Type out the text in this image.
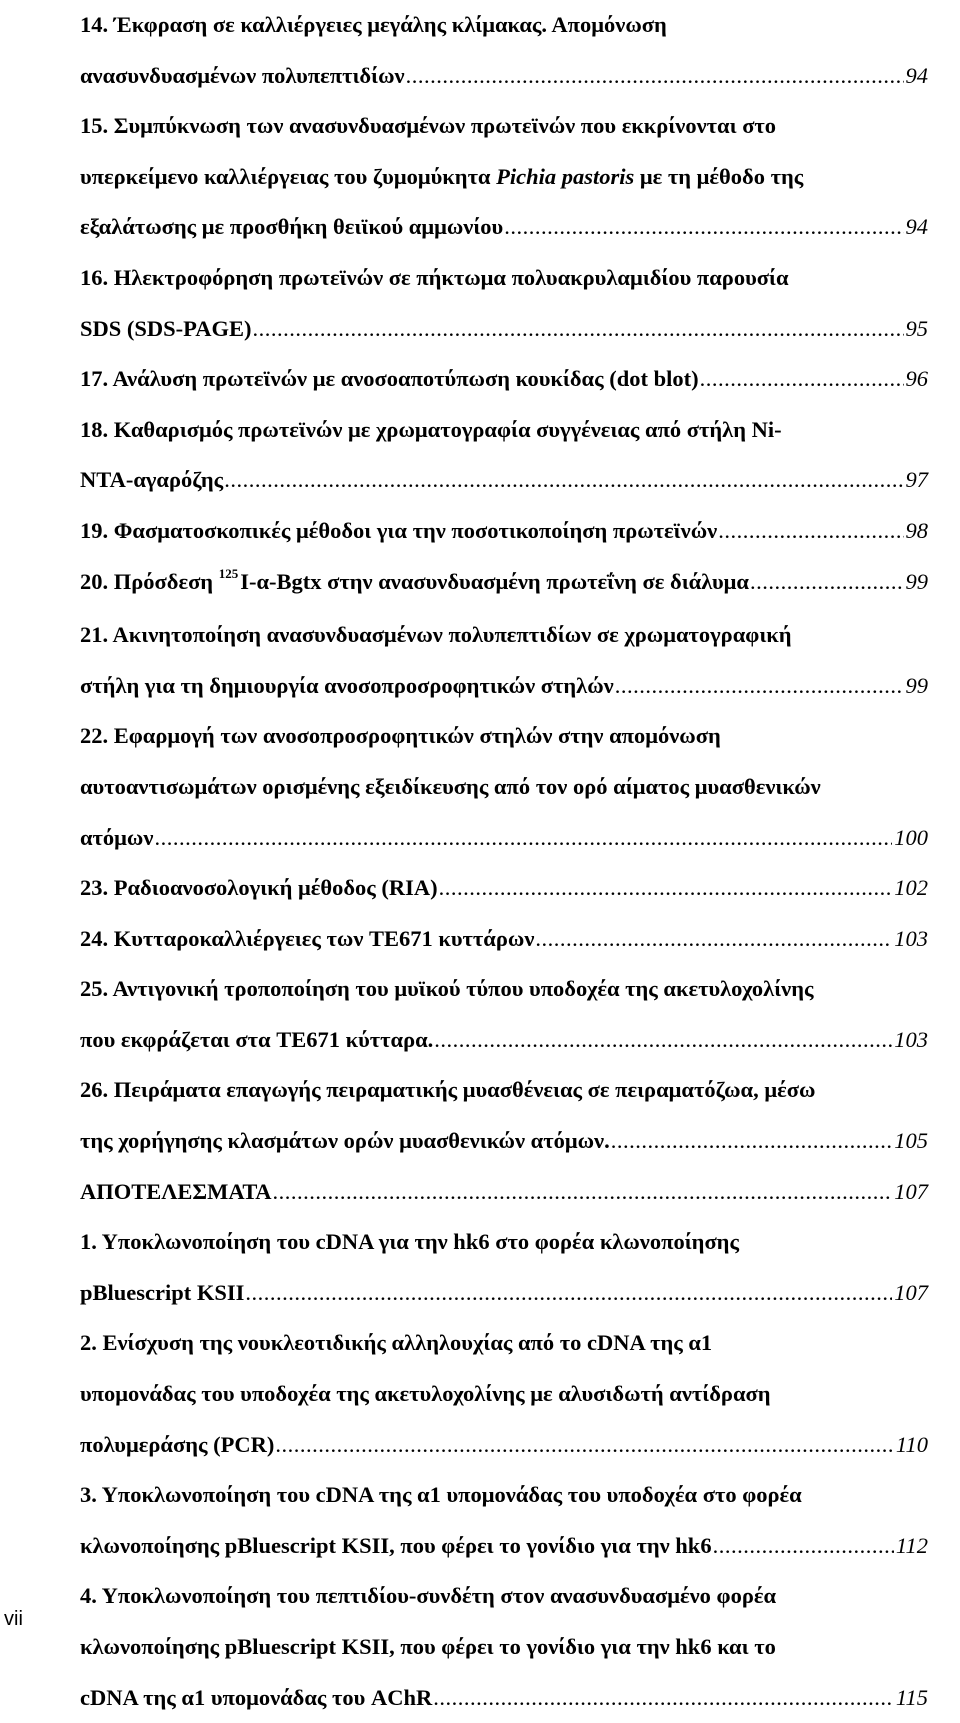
14. Έκφραση σε καλλιέργειες μεγάλης κλίμακας. Απομόνωση
ανασυνδυασμένων πολυπεπτιδίων .....	94
15. Συμπύκνωση των ανασυνδυασμένων πρωτεϊνών που εκκρίνονται στο
υπερκείμενο καλλιέργειας του ζυμομύκητα Pichia pastoris με τη μέθοδο της
εξαλάτωσης με προσθήκη θειϊκού αμμωνίου .....	94
16. Ηλεκτροφόρηση πρωτεϊνών σε πήκτωμα πολυακρυλαμιδίου παρουσία
SDS (SDS-PAGE) .....	95
17. Ανάλυση πρωτεϊνών με ανοσοαποτύπωση κουκίδας (dot blot) .....	96
18. Καθαρισμός πρωτεϊνών με χρωματογραφία συγγένειας από στήλη Ni-
NTA-αγαρόζης .....	97
19. Φασματοσκοπικές μέθοδοι για την ποσοτικοποίηση πρωτεϊνών .....	98
20. Πρόσδεση $^{125}$I-α-Bgtx στην ανασυνδυασμένη πρωτεΐνη σε διάλυμα .....	99
21. Ακινητοποίηση ανασυνδυασμένων πολυπεπτιδίων σε χρωματογραφική
στήλη για τη δημιουργία ανοσοπροσροφητικών στηλών .....	99
22. Εφαρμογή των ανοσοπροσροφητικών στηλών στην απομόνωση
αυτοαντισωμάτων ορισμένης εξειδίκευσης από τον ορό αίματος μυασθενικών
ατόμων .....	100
23. Ραδιοανοσολογική μέθοδος (RIA) .....	102
24. Κυτταροκαλλιέργειες των TE671 κυττάρων .....	103
25. Αντιγονική τροποποίηση του μυϊκού τύπου υποδοχέα της ακετυλοχολίνης
που εκφράζεται στα TE671 κύτταρα. .....	103
26. Πειράματα επαγωγής πειραματικής μυασθένειας σε πειραματόζωα, μέσω
της χορήγησης κλασμάτων ορών μυασθενικών ατόμων. .....	105
ΑΠΟΤΕΛΕΣΜΑΤΑ .....	107
1. Υποκλωνοποίηση του cDNA για την hk6 στο φορέα κλωνοποίησης
pBluescript KSII .....	107
2. Ενίσχυση της νουκλεοτιδικής αλληλουχίας από το cDNA της α1
υπομονάδας του υποδοχέα της ακετυλοχολίνης με αλυσιδωτή αντίδραση
πολυμεράσης (PCR) .....	110
3. Υποκλωνοποίηση του cDNA της α1 υπομονάδας του υποδοχέα στο φορέα
κλωνοποίησης pBluescript KSII, που φέρει το γονίδιο για την hk6 .....	112
4. Υποκλωνοποίηση του πεπτιδίου-συνδέτη στον ανασυνδυασμένο φορέα
κλωνοποίησης pBluescript KSII, που φέρει το γονίδιο για την hk6 και το
cDNA της α1 υπομονάδας του AChR .....	115
vii
